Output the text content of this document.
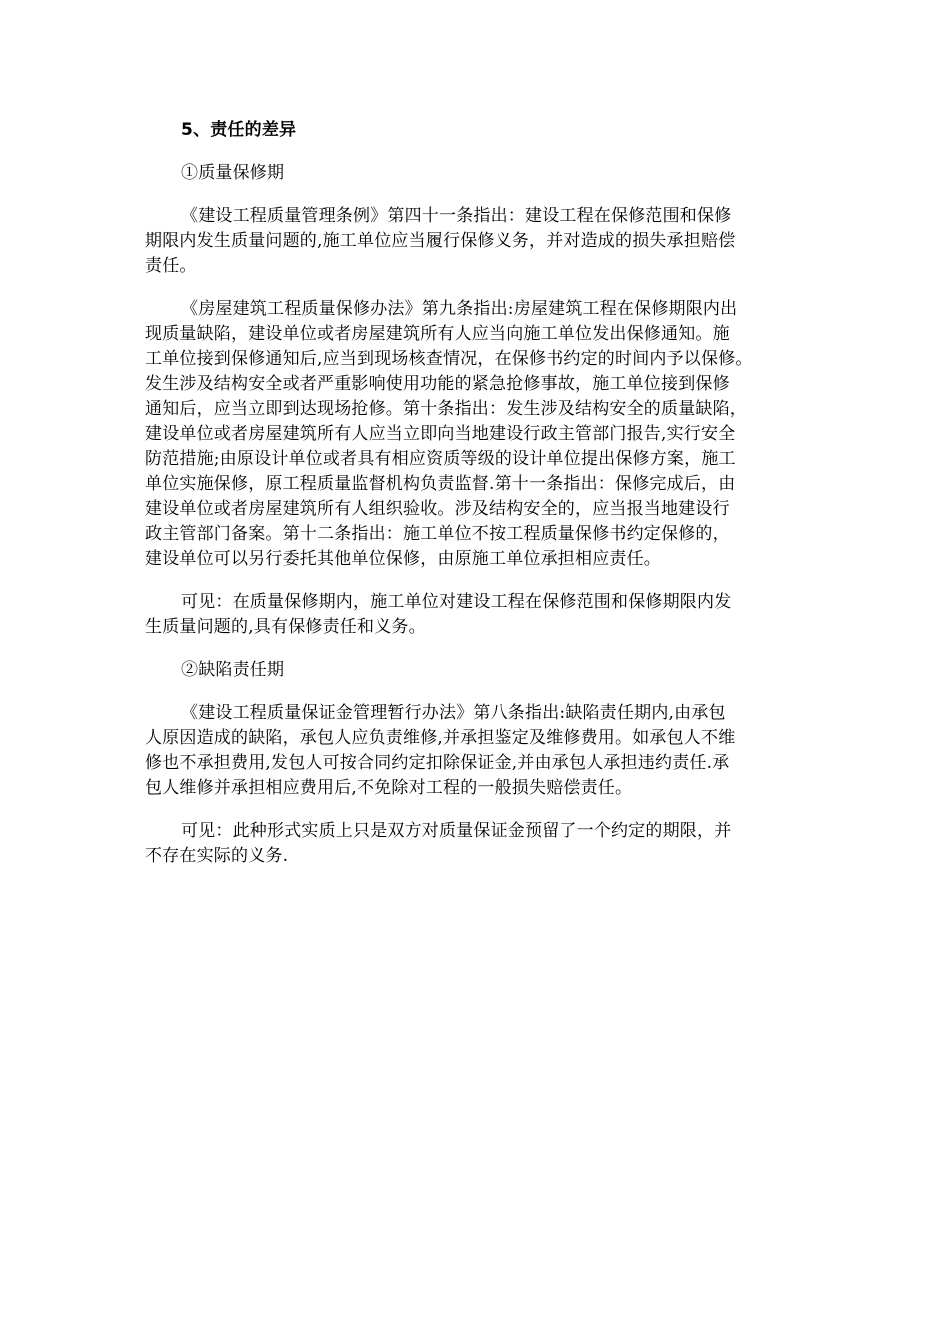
5、责任的差异

①质量保修期

《建设工程质量管理条例》第四十一条指出：建设工程在保修范围和保修
期限内发生质量问题的,施工单位应当履行保修义务，并对造成的损失承担赔偿
责任。

《房屋建筑工程质量保修办法》第九条指出:房屋建筑工程在保修期限内出
现质量缺陷，建设单位或者房屋建筑所有人应当向施工单位发出保修通知。施
工单位接到保修通知后,应当到现场核查情况，在保修书约定的时间内予以保修。
发生涉及结构安全或者严重影响使用功能的紧急抢修事故，施工单位接到保修
通知后，应当立即到达现场抢修。第十条指出：发生涉及结构安全的质量缺陷，
建设单位或者房屋建筑所有人应当立即向当地建设行政主管部门报告,实行安全
防范措施;由原设计单位或者具有相应资质等级的设计单位提出保修方案，施工
单位实施保修，原工程质量监督机构负责监督.第十一条指出：保修完成后，由
建设单位或者房屋建筑所有人组织验收。涉及结构安全的，应当报当地建设行
政主管部门备案。第十二条指出：施工单位不按工程质量保修书约定保修的，
建设单位可以另行委托其他单位保修，由原施工单位承担相应责任。

可见：在质量保修期内，施工单位对建设工程在保修范围和保修期限内发
生质量问题的,具有保修责任和义务。

②缺陷责任期

《建设工程质量保证金管理暂行办法》第八条指出:缺陷责任期内,由承包
人原因造成的缺陷，承包人应负责维修,并承担鉴定及维修费用。如承包人不维
修也不承担费用,发包人可按合同约定扣除保证金,并由承包人承担违约责任.承
包人维修并承担相应费用后,不免除对工程的一般损失赔偿责任。

可见：此种形式实质上只是双方对质量保证金预留了一个约定的期限，并
不存在实际的义务.
